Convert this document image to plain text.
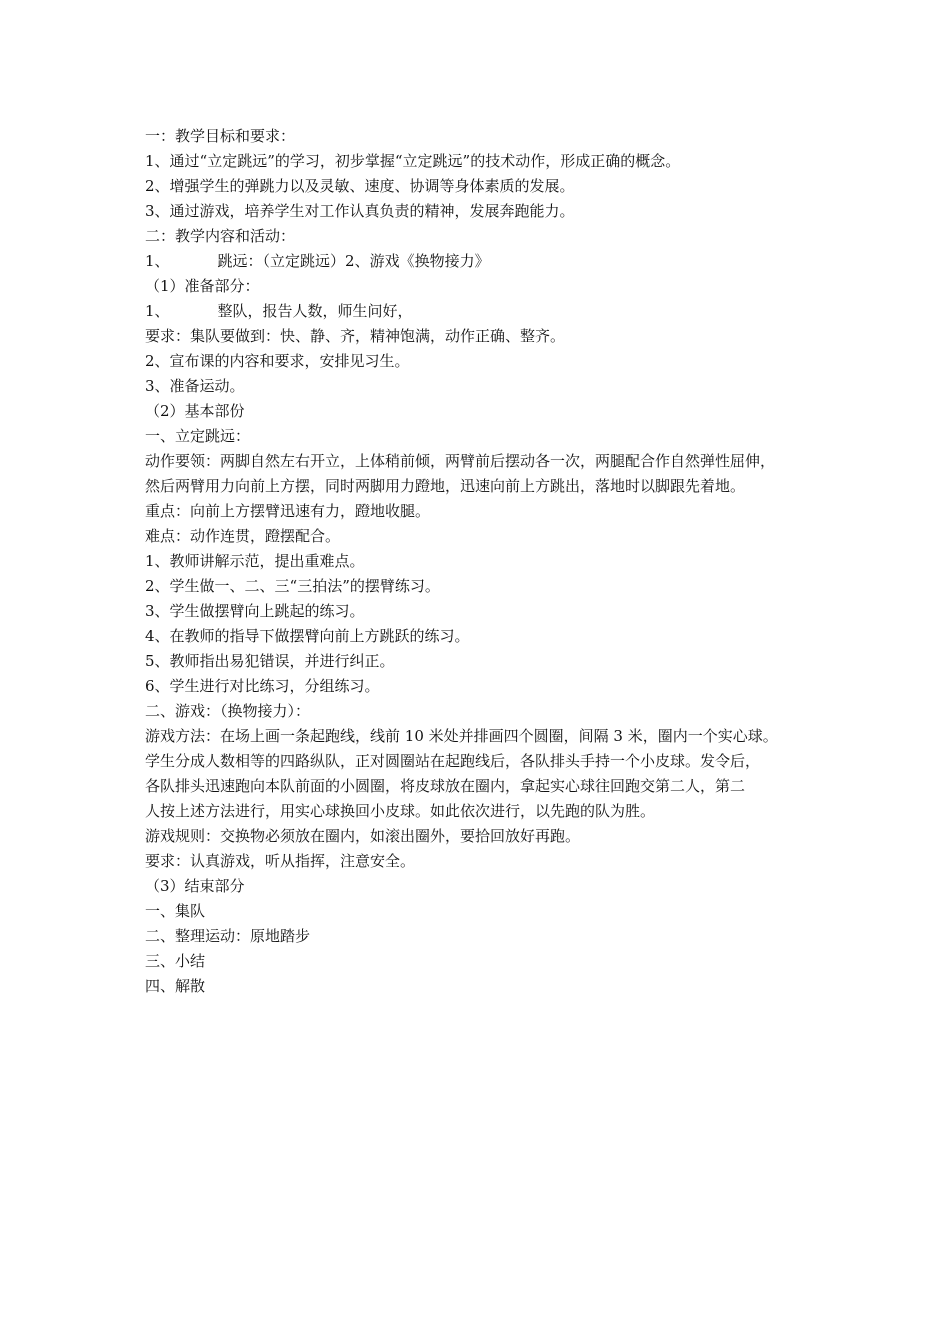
一：教学目标和要求：
1、通过“立定跳远”的学习，初步掌握“立定跳远”的技术动作，形成正确的概念。
2、增强学生的弹跳力以及灵敏、速度、协调等身体素质的发展。
3、通过游戏，培养学生对工作认真负责的精神，发展奔跑能力。
二：教学内容和活动：
1、	跳远：（立定跳远）2、游戏《换物接力》
（1）准备部分：
1、	整队，报告人数，师生问好，
要求：集队要做到：快、静、齐，精神饱满，动作正确、整齐。
2、宣布课的内容和要求，安排见习生。
3、准备运动。
（2）基本部份
一、立定跳远：
动作要领：两脚自然左右开立，上体稍前倾，两臂前后摆动各一次，两腿配合作自然弹性屈伸，
然后两臂用力向前上方摆，同时两脚用力蹬地，迅速向前上方跳出，落地时以脚跟先着地。
重点：向前上方摆臂迅速有力，蹬地收腿。
难点：动作连贯，蹬摆配合。
1、教师讲解示范，提出重难点。
2、学生做一、二、三“三拍法”的摆臂练习。
3、学生做摆臂向上跳起的练习。
4、在教师的指导下做摆臂向前上方跳跃的练习。
5、教师指出易犯错误，并进行纠正。
6、学生进行对比练习，分组练习。
二、游戏：（换物接力）：
游戏方法：在场上画一条起跑线，线前 10 米处并排画四个圆圈，间隔 3 米，圈内一个实心球。
学生分成人数相等的四路纵队，正对圆圈站在起跑线后，各队排头手持一个小皮球。发令后，
各队排头迅速跑向本队前面的小圆圈，将皮球放在圈内，拿起实心球往回跑交第二人，第二
人按上述方法进行，用实心球换回小皮球。如此依次进行，以先跑的队为胜。
游戏规则：交换物必须放在圈内，如滚出圈外，要拾回放好再跑。
要求：认真游戏，听从指挥，注意安全。
（3）结束部分
一、集队
二、整理运动：原地踏步
三、小结
四、解散
